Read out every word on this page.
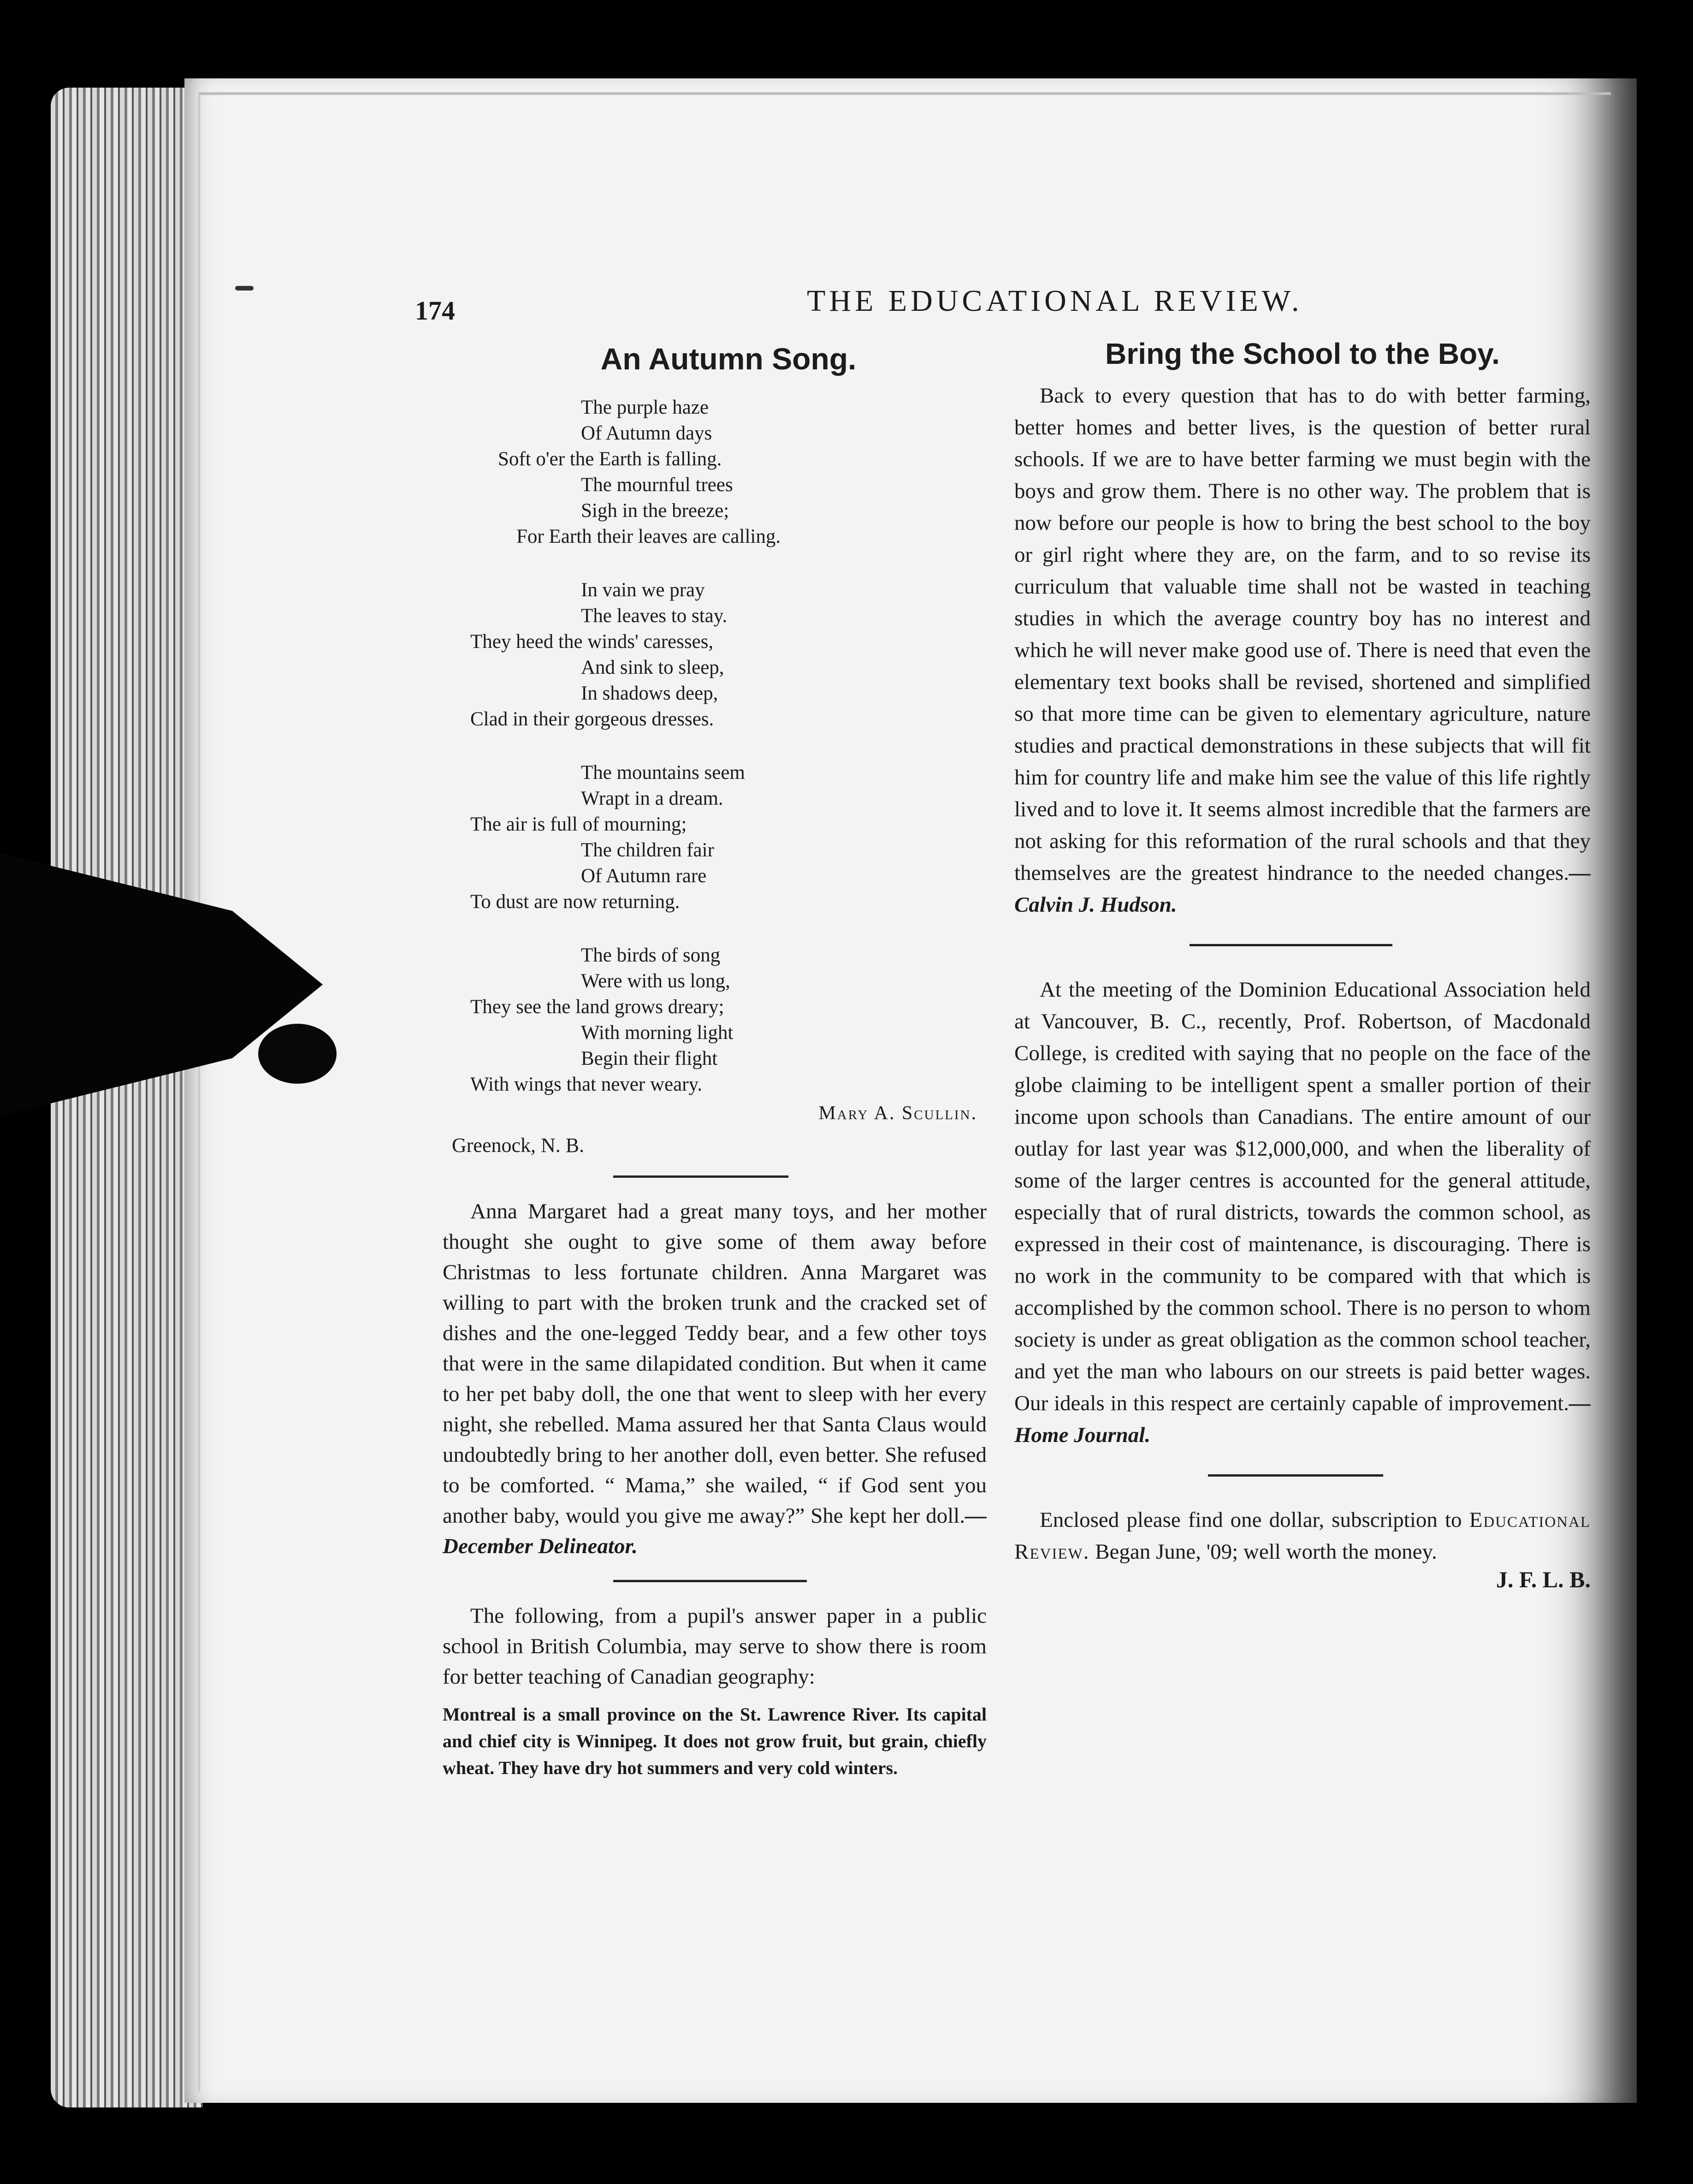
174	THE EDUCATIONAL REVIEW.
An Autumn Song.
The purple haze
Of Autumn days
Soft o'er the Earth is falling.
The mournful trees
Sigh in the breeze;
For Earth their leaves are calling.
In vain we pray
The leaves to stay.
They heed the winds' caresses,
And sink to sleep,
In shadows deep,
Clad in their gorgeous dresses.
The mountains seem
Wrapt in a dream.
The air is full of mourning;
The children fair
Of Autumn rare
To dust are now returning.
The birds of song
Were with us long,
They see the land grows dreary;
With morning light
Begin their flight
With wings that never weary.
Mary A. Scullin.
Greenock, N. B.

Anna Margaret had a great many toys, and her mother thought she ought to give some of them away before Christmas to less fortunate children. Anna Margaret was willing to part with the broken trunk and the cracked set of dishes and the one-legged Teddy bear, and a few other toys that were in the same dilapidated condition. But when it came to her pet baby doll, the one that went to sleep with her every night, she rebelled. Mama assured her that Santa Claus would undoubtedly bring to her another doll, even better. She refused to be comforted. “ Mama,” she wailed, “ if God sent you another baby, would you give me away?” She kept her doll.—December Delineator.

The following, from a pupil's answer paper in a public school in British Columbia, may serve to show there is room for better teaching of Canadian geography:

Montreal is a small province on the St. Lawrence River. Its capital and chief city is Winnipeg. It does not grow fruit, but grain, chiefly wheat. They have dry hot summers and very cold winters.

Bring the School to the Boy.

Back to every question that has to do with better farming, better homes and better lives, is the question of better rural schools. If we are to have better farming we must begin with the boys and grow them. There is no other way. The problem that is now before our people is how to bring the best school to the boy or girl right where they are, on the farm, and to so revise its curriculum that valuable time shall not be wasted in teaching studies in which the average country boy has no interest and which he will never make good use of. There is need that even the elementary text books shall be revised, shortened and simplified so that more time can be given to elementary agriculture, nature studies and practical demonstrations in these subjects that will fit him for country life and make him see the value of this life rightly lived and to love it. It seems almost incredible that the farmers are not asking for this reformation of the rural schools and that they themselves are the greatest hindrance to the needed changes.—Calvin J. Hudson.

At the meeting of the Dominion Educational Association held at Vancouver, B. C., recently, Prof. Robertson, of Macdonald College, is credited with saying that no people on the face of the globe claiming to be intelligent spent a smaller portion of their income upon schools than Canadians. The entire amount of our outlay for last year was $12,000,000, and when the liberality of some of the larger centres is accounted for the general attitude, especially that of rural districts, towards the common school, as expressed in their cost of maintenance, is discouraging. There is no work in the community to be compared with that which is accomplished by the common school. There is no person to whom society is under as great obligation as the common school teacher, and yet the man who labours on our streets is paid better wages. Our ideals in this respect are certainly capable of improvement.—Home Journal.

Enclosed please find one dollar, subscription to Educational Review. Began June, '09; well worth the money.

J. F. L. B.
